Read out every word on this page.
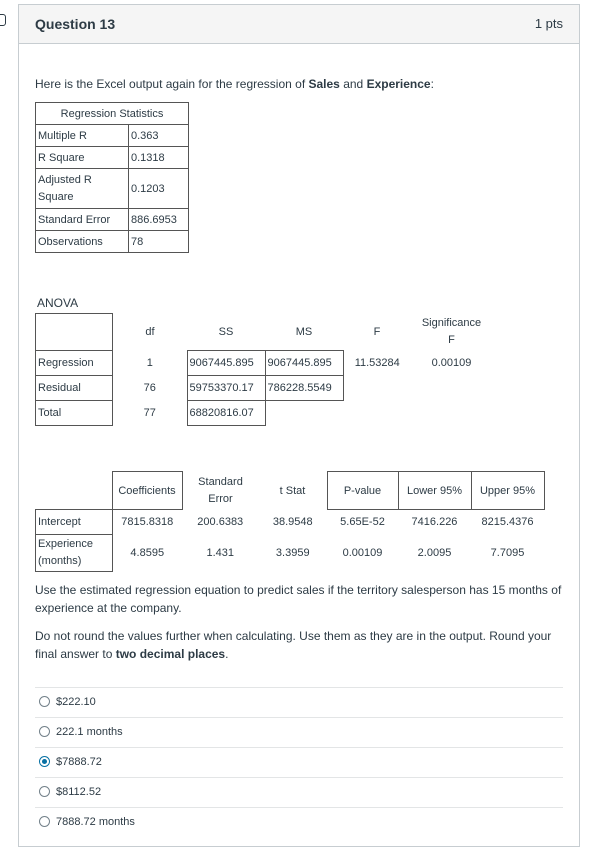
Question 13	1 pts
Here is the Excel output again for the regression of Sales and Experience:
Regression Statistics	
Multiple R	0.363
R Square	0.1318
Adjusted R
Square	0.1203
Standard Error	886.6953
Observations	78
ANOVA
	df	SS	MS	F	Significance
F
Regression	1	9067445.895	9067445.895	11.53284	0.00109
Residual	76	59753370.17	786228.5549		
Total	77	68820816.07			
	Coefficients	Standard
Error	t Stat	P-value	Lower 95%	Upper 95%
Intercept	7815.8318	200.6383	38.9548	5.65E-52	7416.226	8215.4376
Experience
(months)	4.8595	1.431	3.3959	0.00109	2.0095	7.7095
Use the estimated regression equation to predict sales if the territory salesperson has 15 months of experience at the company.
Do not round the values further when calculating. Use them as they are in the output. Round your final answer to two decimal places.
$222.10
222.1 months
$7888.72
$8112.52
7888.72 months
